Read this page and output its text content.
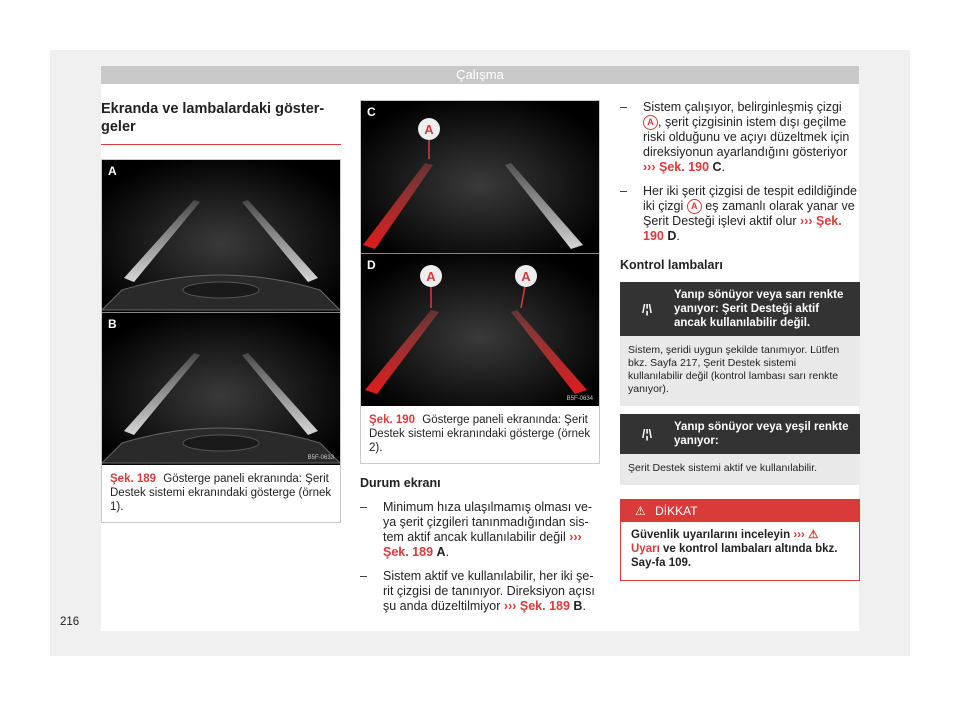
Çalışma
Ekranda ve lambalardaki göster-
geler
A
B
B5F-0633
Şek. 189 Gösterge paneli ekranında: Şerit Destek sistemi ekranındaki gösterge (örnek 1).
A
C
A	A
D
B5F-0634
Şek. 190 Gösterge paneli ekranında: Şerit Destek sistemi ekranındaki gösterge (örnek 2).
Durum ekranı
– Minimum hıza ulaşılmamış olması ve-ya şerit çizgileri tanınmadığından sis-tem aktif ancak kullanılabilir değil ››› Şek. 189 A.
– Sistem aktif ve kullanılabilir, her iki şe-rit çizgisi de tanınıyor. Direksiyon açısı şu anda düzeltilmiyor ››› Şek. 189 B.
– Sistem çalışıyor, belirginleşmiş çizgi A , şerit çizgisinin istem dışı geçilme riski olduğunu ve açıyı düzeltmek için direksiyonun ayarlandığını gösteriyor ››› Şek. 190 C.
– Her iki şerit çizgisi de tespit edildiğinde iki çizgi A eş zamanlı olarak yanar ve Şerit Desteği işlevi aktif olur ››› Şek. 190 D.
Kontrol lambaları
/¦\
Yanıp sönüyor veya sarı renkte yanıyor: Şerit Desteği aktif ancak kullanılabilir değil.
Sistem, şeridi uygun şekilde tanımıyor. Lütfen bkz. Sayfa 217, Şerit Destek sistemi kullanılabilir değil (kontrol lambası sarı renkte yanıyor).
/¦\	Yanıp sönüyor veya yeşil renkte yanıyor:
Şerit Destek sistemi aktif ve kullanılabilir.
⚠ DİKKAT
Güvenlik uyarılarını inceleyin ››› ⚠ Uyarı ve kontrol lambaları altında bkz. Say-fa 109.
216
